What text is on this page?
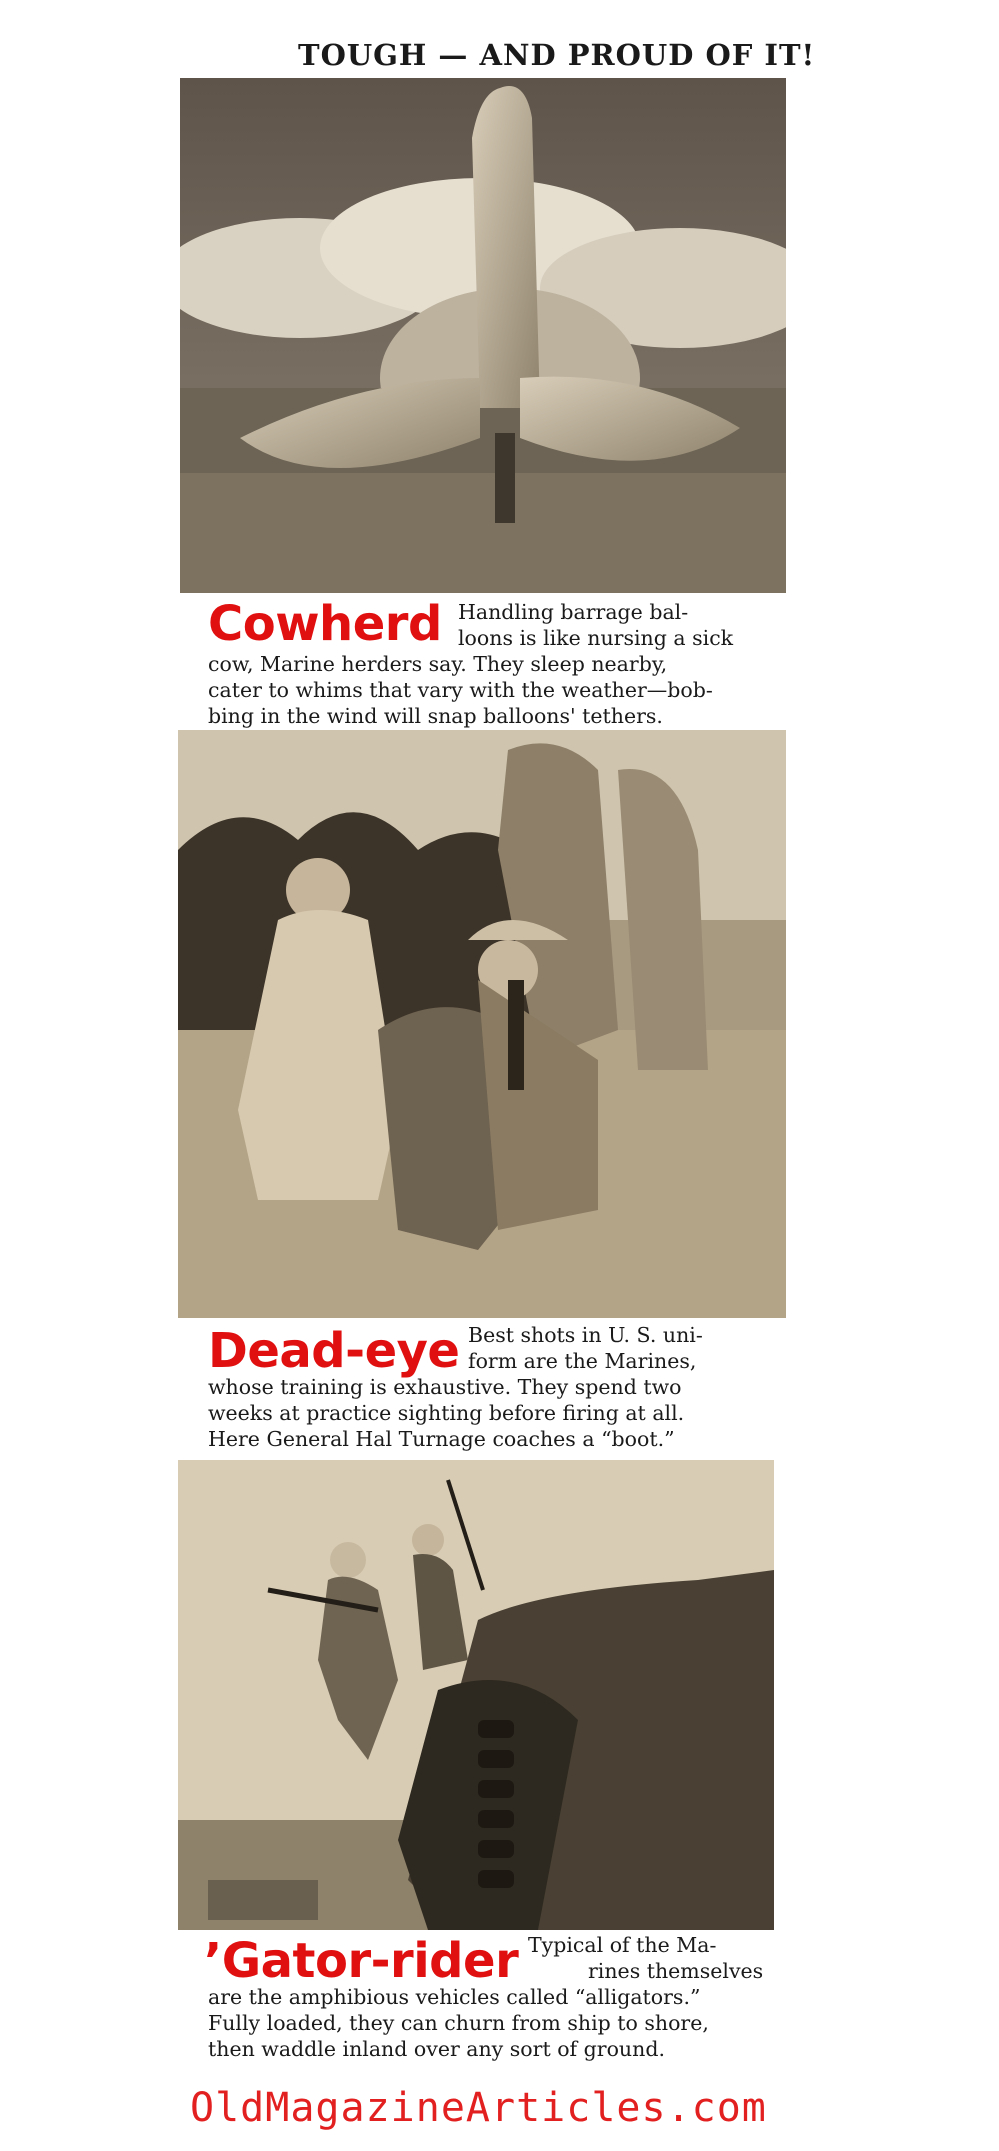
TOUGH — AND PROUD OF IT!
Cowherd Handling barrage bal-
loons is like nursing a sick
cow, Marine herders say. They sleep nearby,
cater to whims that vary with the weather—bob-
bing in the wind will snap balloons' tethers.
Dead-eye Best shots in U. S. uni-
form are the Marines,
whose training is exhaustive. They spend two
weeks at practice sighting before firing at all.
Here General Hal Turnage coaches a “boot.”
’Gator-rider Typical of the Ma-
rines themselves
are the amphibious vehicles called “alligators.”
Fully loaded, they can churn from ship to shore,
then waddle inland over any sort of ground.
OldMagazineArticles.com
